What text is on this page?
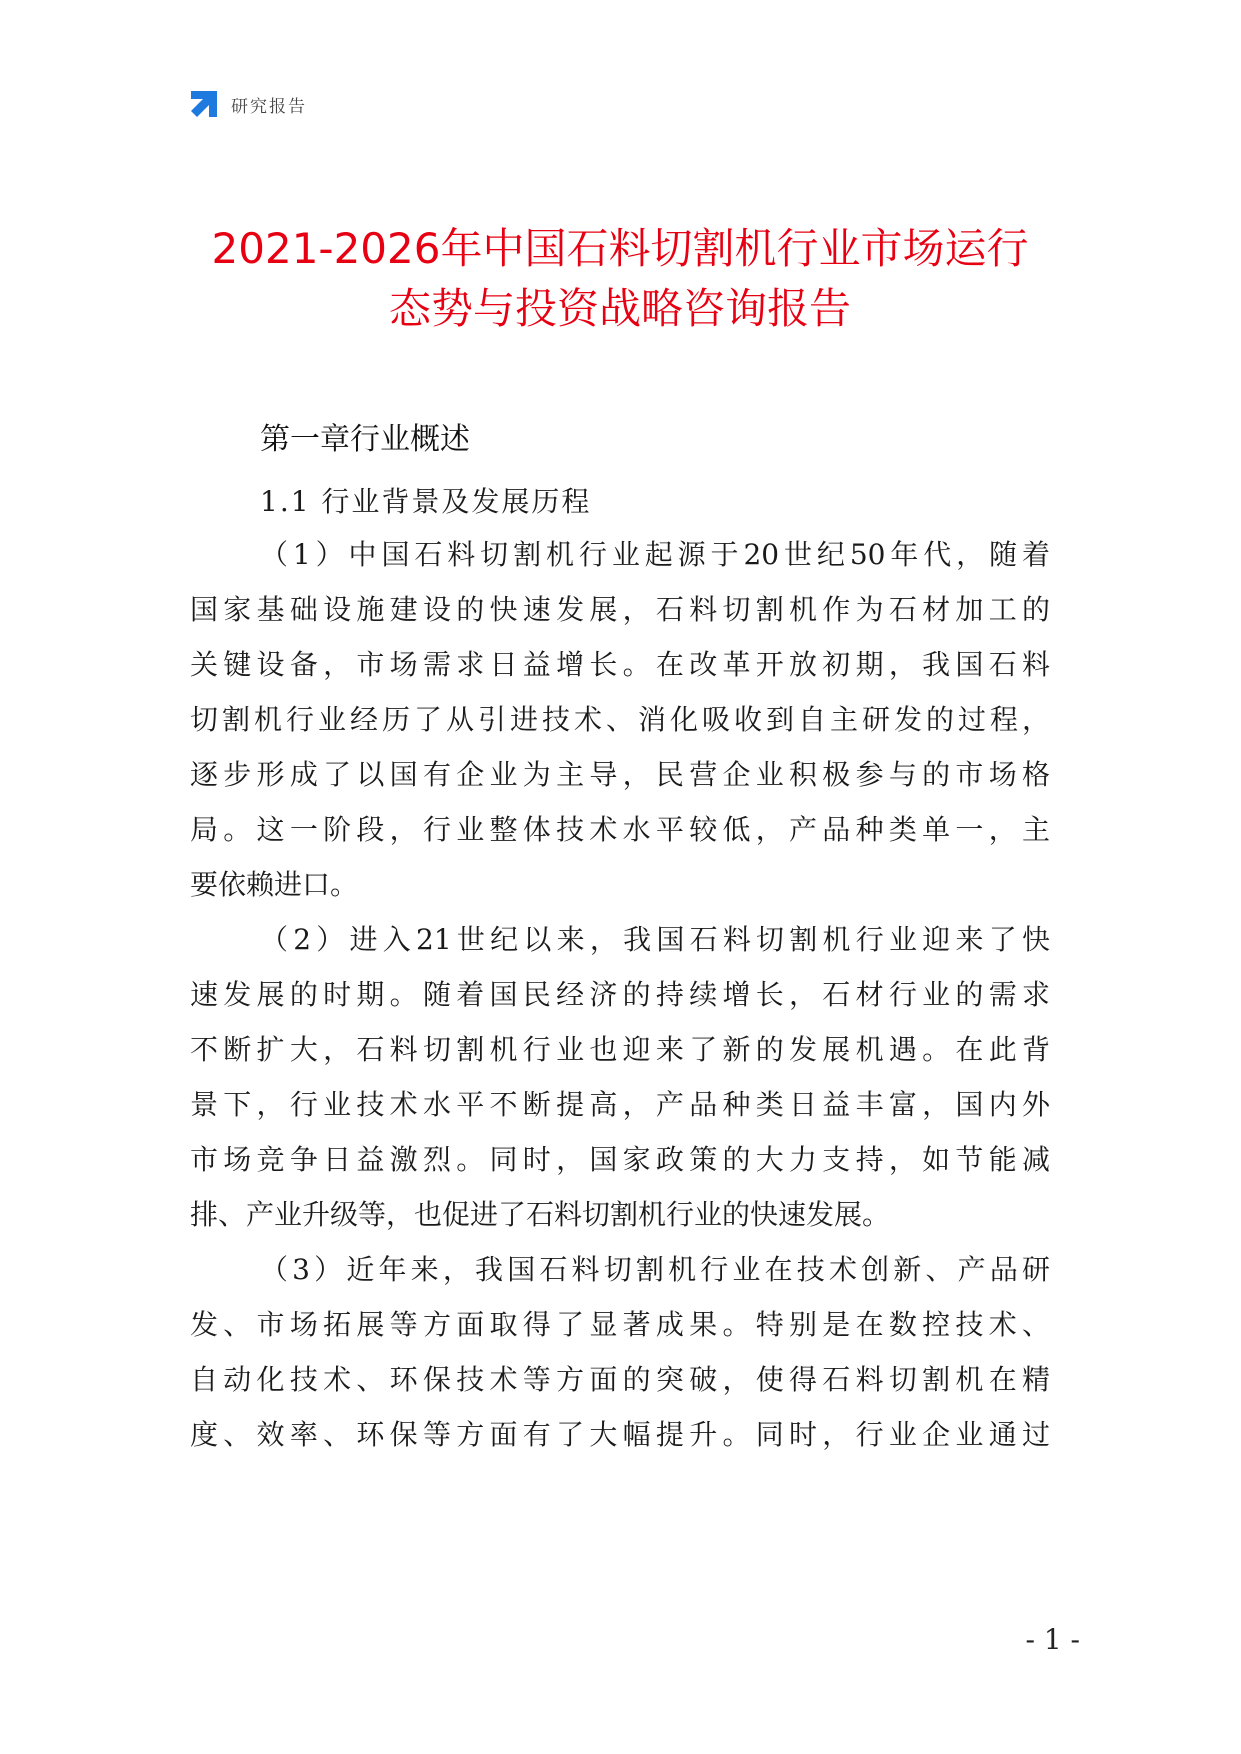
研究报告
2021-2026年中国石料切割机行业市场运行
态势与投资战略咨询报告
第一章行业概述
1.1 行业背景及发展历程
（1）中国石料切割机行业起源于20世纪50年代，随着
国家基础设施建设的快速发展，石料切割机作为石材加工的
关键设备，市场需求日益增长。在改革开放初期，我国石料
切割机行业经历了从引进技术、消化吸收到自主研发的过程，
逐步形成了以国有企业为主导，民营企业积极参与的市场格
局。这一阶段，行业整体技术水平较低，产品种类单一，主
要依赖进口。
（2）进入21世纪以来，我国石料切割机行业迎来了快
速发展的时期。随着国民经济的持续增长，石材行业的需求
不断扩大，石料切割机行业也迎来了新的发展机遇。在此背
景下，行业技术水平不断提高，产品种类日益丰富，国内外
市场竞争日益激烈。同时，国家政策的大力支持，如节能减
排、产业升级等，也促进了石料切割机行业的快速发展。
（3）近年来，我国石料切割机行业在技术创新、产品研
发、市场拓展等方面取得了显著成果。特别是在数控技术、
自动化技术、环保技术等方面的突破，使得石料切割机在精
度、效率、环保等方面有了大幅提升。同时，行业企业通过
- 1 -
